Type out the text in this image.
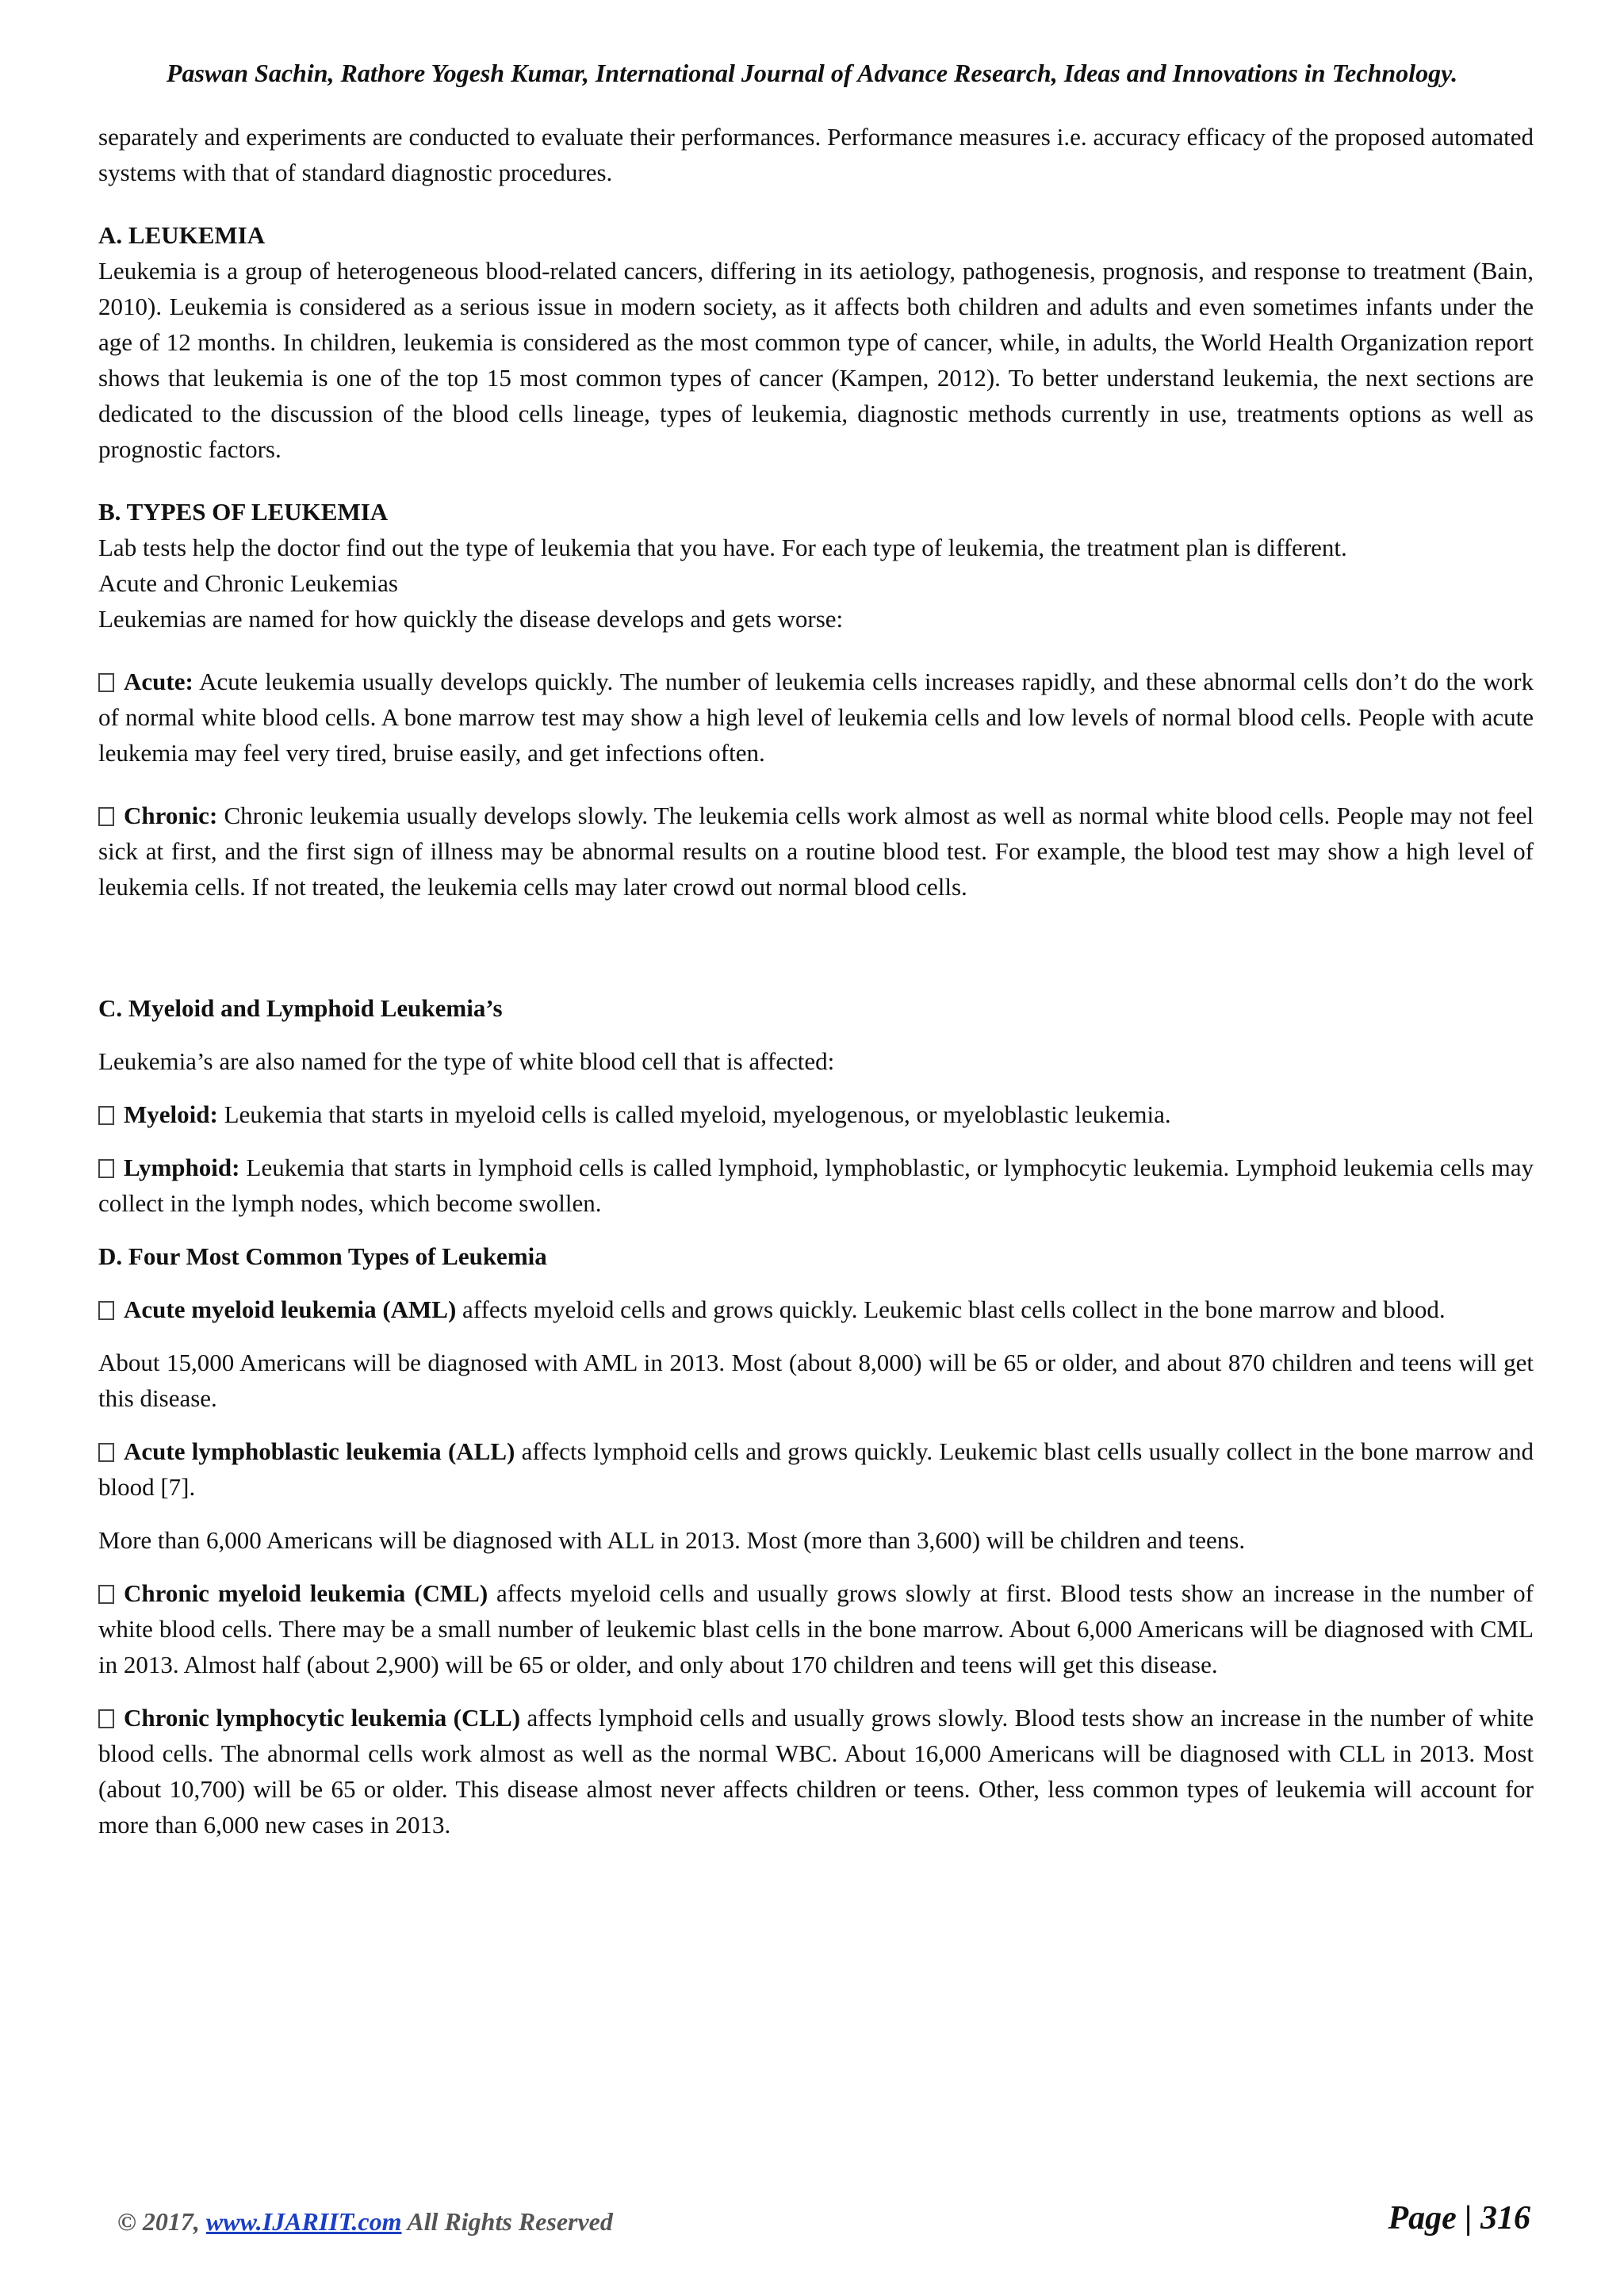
Paswan Sachin, Rathore Yogesh Kumar, International Journal of Advance Research, Ideas and Innovations in Technology.

separately and experiments are conducted to evaluate their performances. Performance measures i.e. accuracy efficacy of the proposed automated systems with that of standard diagnostic procedures.

A. LEUKEMIA

Leukemia is a group of heterogeneous blood-related cancers, differing in its aetiology, pathogenesis, prognosis, and response to treatment (Bain, 2010). Leukemia is considered as a serious issue in modern society, as it affects both children and adults and even sometimes infants under the age of 12 months. In children, leukemia is considered as the most common type of cancer, while, in adults, the World Health Organization report shows that leukemia is one of the top 15 most common types of cancer (Kampen, 2012). To better understand leukemia, the next sections are dedicated to the discussion of the blood cells lineage, types of leukemia, diagnostic methods currently in use, treatments options as well as prognostic factors.

B. TYPES OF LEUKEMIA

Lab tests help the doctor find out the type of leukemia that you have. For each type of leukemia, the treatment plan is different.

Acute and Chronic Leukemias

Leukemias are named for how quickly the disease develops and gets worse:

Acute: Acute leukemia usually develops quickly. The number of leukemia cells increases rapidly, and these abnormal cells don’t do the work of normal white blood cells. A bone marrow test may show a high level of leukemia cells and low levels of normal blood cells. People with acute leukemia may feel very tired, bruise easily, and get infections often.

Chronic: Chronic leukemia usually develops slowly. The leukemia cells work almost as well as normal white blood cells. People may not feel sick at first, and the first sign of illness may be abnormal results on a routine blood test. For example, the blood test may show a high level of leukemia cells. If not treated, the leukemia cells may later crowd out normal blood cells.

C. Myeloid and Lymphoid Leukemia’s

Leukemia’s are also named for the type of white blood cell that is affected:

Myeloid: Leukemia that starts in myeloid cells is called myeloid, myelogenous, or myeloblastic leukemia.

Lymphoid: Leukemia that starts in lymphoid cells is called lymphoid, lymphoblastic, or lymphocytic leukemia. Lymphoid leukemia cells may collect in the lymph nodes, which become swollen.

D. Four Most Common Types of Leukemia

Acute myeloid leukemia (AML) affects myeloid cells and grows quickly. Leukemic blast cells collect in the bone marrow and blood.

About 15,000 Americans will be diagnosed with AML in 2013. Most (about 8,000) will be 65 or older, and about 870 children and teens will get this disease.

Acute lymphoblastic leukemia (ALL) affects lymphoid cells and grows quickly. Leukemic blast cells usually collect in the bone marrow and blood [7].

More than 6,000 Americans will be diagnosed with ALL in 2013. Most (more than 3,600) will be children and teens.

Chronic myeloid leukemia (CML) affects myeloid cells and usually grows slowly at first. Blood tests show an increase in the number of white blood cells. There may be a small number of leukemic blast cells in the bone marrow. About 6,000 Americans will be diagnosed with CML in 2013. Almost half (about 2,900) will be 65 or older, and only about 170 children and teens will get this disease.

Chronic lymphocytic leukemia (CLL) affects lymphoid cells and usually grows slowly. Blood tests show an increase in the number of white blood cells. The abnormal cells work almost as well as the normal WBC. About 16,000 Americans will be diagnosed with CLL in 2013. Most (about 10,700) will be 65 or older. This disease almost never affects children or teens. Other, less common types of leukemia will account for more than 6,000 new cases in 2013.

© 2017, www.IJARIIT.com All Rights Reserved	Page | 316
